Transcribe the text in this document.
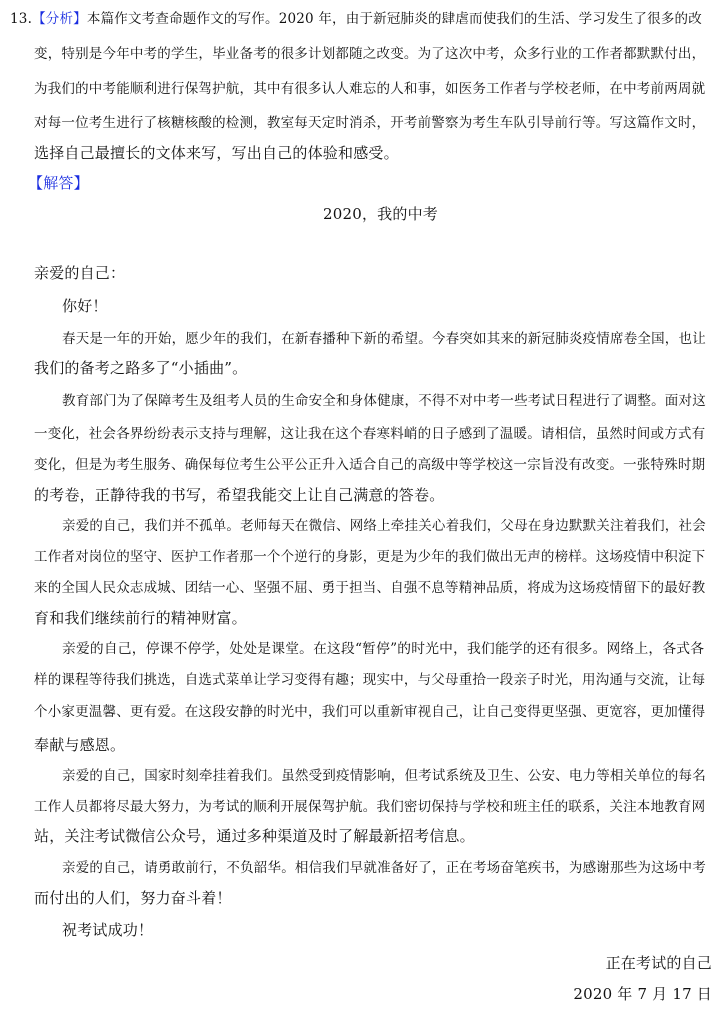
13.【分析】本篇作文考查命题作文的写作。2020 年，由于新冠肺炎的肆虐而使我们的生活、学习发生了很多的改
变，特别是今年中考的学生，毕业备考的很多计划都随之改变。为了这次中考，众多行业的工作者都默默付出，
为我们的中考能顺利进行保驾护航，其中有很多认人难忘的人和事，如医务工作者与学校老师，在中考前两周就
对每一位考生进行了核糖核酸的检测，教室每天定时消杀，开考前警察为考生车队引导前行等。写这篇作文时，
选择自己最擅长的文体来写，写出自己的体验和感受。
【解答】
2020，我的中考
亲爱的自己：
你好！
春天是一年的开始，愿少年的我们，在新春播种下新的希望。今春突如其来的新冠肺炎疫情席卷全国，也让
我们的备考之路多了“小插曲”。
教育部门为了保障考生及组考人员的生命安全和身体健康，不得不对中考一些考试日程进行了调整。面对这
一变化，社会各界纷纷表示支持与理解，这让我在这个春寒料峭的日子感到了温暖。请相信，虽然时间或方式有
变化，但是为考生服务、确保每位考生公平公正升入适合自己的高级中等学校这一宗旨没有改变。一张特殊时期
的考卷，正静待我的书写，希望我能交上让自己满意的答卷。
亲爱的自己，我们并不孤单。老师每天在微信、网络上牵挂关心着我们，父母在身边默默关注着我们，社会
工作者对岗位的坚守、医护工作者那一个个逆行的身影，更是为少年的我们做出无声的榜样。这场疫情中积淀下
来的全国人民众志成城、团结一心、坚强不屈、勇于担当、自强不息等精神品质，将成为这场疫情留下的最好教
育和我们继续前行的精神财富。
亲爱的自己，停课不停学，处处是课堂。在这段“暂停”的时光中，我们能学的还有很多。网络上，各式各
样的课程等待我们挑选，自选式菜单让学习变得有趣；现实中，与父母重拾一段亲子时光，用沟通与交流，让每
个小家更温馨、更有爱。在这段安静的时光中，我们可以重新审视自己，让自己变得更坚强、更宽容，更加懂得
奉献与感恩。
亲爱的自己，国家时刻牵挂着我们。虽然受到疫情影响，但考试系统及卫生、公安、电力等相关单位的每名
工作人员都将尽最大努力，为考试的顺利开展保驾护航。我们密切保持与学校和班主任的联系，关注本地教育网
站，关注考试微信公众号，通过多种渠道及时了解最新招考信息。
亲爱的自己，请勇敢前行，不负韶华。相信我们早就准备好了，正在考场奋笔疾书，为感谢那些为这场中考
而付出的人们，努力奋斗着！
祝考试成功！
正在考试的自己
2020 年 7 月 17 日
